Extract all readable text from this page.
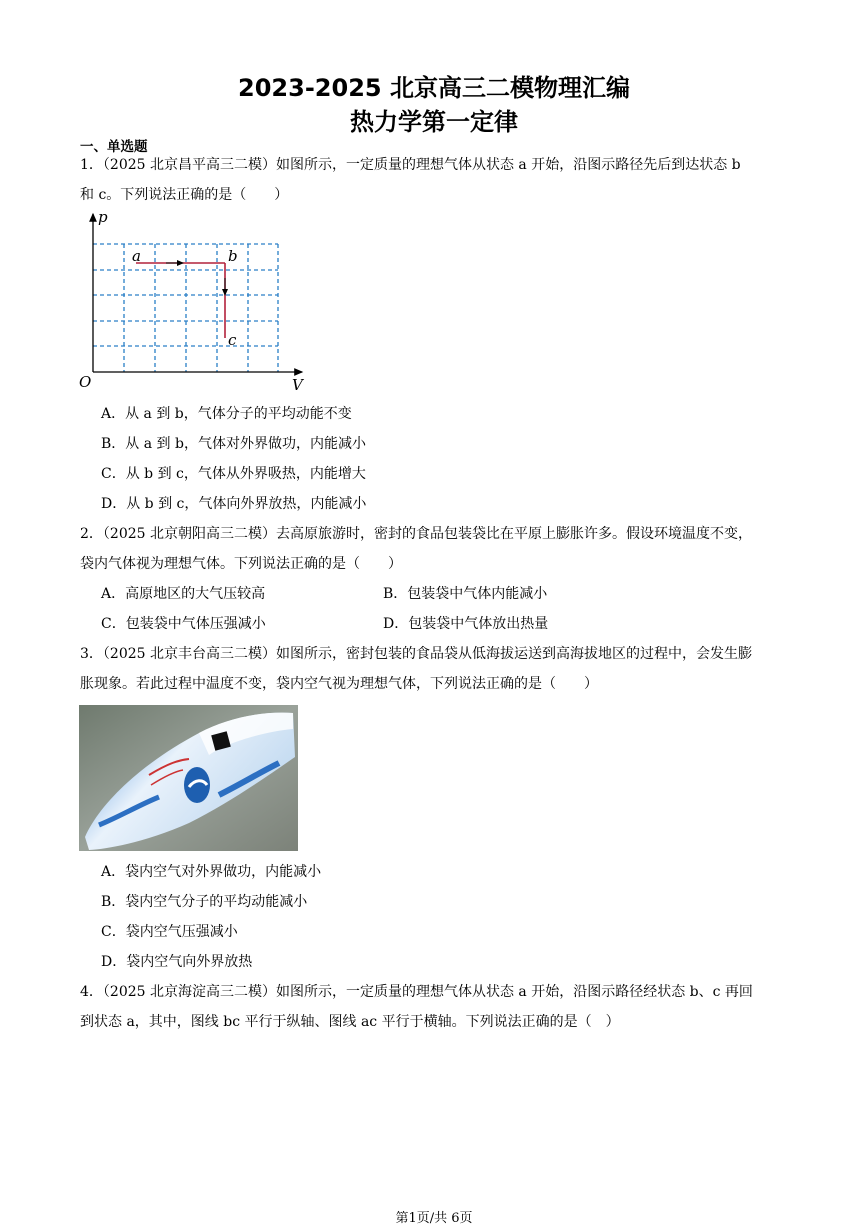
2023-2025 北京高三二模物理汇编
热力学第一定律
一、单选题
1．（2025 北京昌平高三二模）如图所示，一定质量的理想气体从状态 a 开始，沿图示路径先后到达状态 b
和 c。下列说法正确的是（　　）
p
V
O
a	b
c
A．从 a 到 b，气体分子的平均动能不变
B．从 a 到 b，气体对外界做功，内能减小
C．从 b 到 c，气体从外界吸热，内能增大
D．从 b 到 c，气体向外界放热，内能减小
2．（2025 北京朝阳高三二模）去高原旅游时，密封的食品包装袋比在平原上膨胀许多。假设环境温度不变，
袋内气体视为理想气体。下列说法正确的是（　　）
A．高原地区的大气压较高	B．包装袋中气体内能减小
C．包装袋中气体压强减小	D．包装袋中气体放出热量
3．（2025 北京丰台高三二模）如图所示，密封包装的食品袋从低海拔运送到高海拔地区的过程中，会发生膨
胀现象。若此过程中温度不变，袋内空气视为理想气体，下列说法正确的是（　　）
A．袋内空气对外界做功，内能减小
B．袋内空气分子的平均动能减小
C．袋内空气压强减小
D．袋内空气向外界放热
4．（2025 北京海淀高三二模）如图所示，一定质量的理想气体从状态 a 开始，沿图示路径经状态 b、c 再回
到状态 a，其中，图线 bc 平行于纵轴、图线 ac 平行于横轴。下列说法正确的是（　）
第1页/共 6页
